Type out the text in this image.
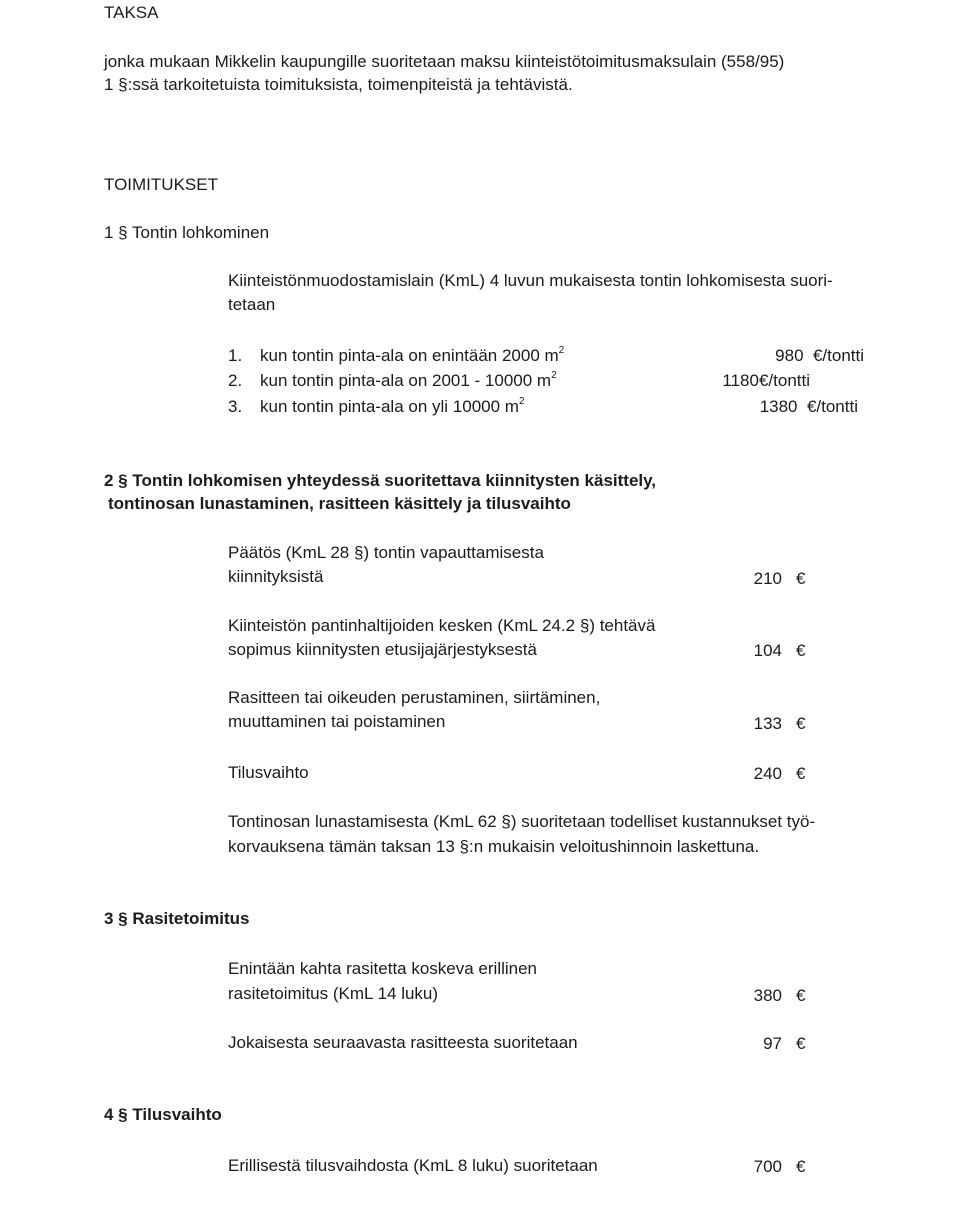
TAKSA
jonka mukaan Mikkelin kaupungille suoritetaan maksu kiinteistötoimitusmaksulain (558/95)
1 §:ssä tarkoitetuista toimituksista, toimenpiteistä ja tehtävistä.
TOIMITUKSET
1 § Tontin lohkominen
Kiinteistönmuodostamislain (KmL) 4 luvun mukaisesta tontin lohkomisesta suori-
tetaan
1. kun tontin pinta-ala on enintään 2000 $m^2$	980  €/tontti
2. kun tontin pinta-ala on 2001 - 10000 $m^2$	1180€/tontti
3. kun tontin pinta-ala on yli 10000 $m^2$	1380  €/tontti
2 § Tontin lohkomisen yhteydessä suoritettava kiinnitysten käsittely,
tontinosan lunastaminen, rasitteen käsittely ja tilusvaihto
Päätös (KmL 28 §) tontin vapauttamisesta
kiinnityksistä	210 €
Kiinteistön pantinhaltijoiden kesken (KmL 24.2 §) tehtävä
sopimus kiinnitysten etusijajärjestyksestä	104 €
Rasitteen tai oikeuden perustaminen, siirtäminen,
muuttaminen tai poistaminen	133 €
Tilusvaihto	240 €
Tontinosan lunastamisesta (KmL 62 §) suoritetaan todelliset kustannukset työ-
korvauksena tämän taksan 13 §:n mukaisin veloitushinnoin laskettuna.
3 § Rasitetoimitus
Enintään kahta rasitetta koskeva erillinen
rasitetoimitus (KmL 14 luku)	380 €
Jokaisesta seuraavasta rasitteesta suoritetaan	97 €
4 § Tilusvaihto
Erillisestä tilusvaihdosta (KmL 8 luku) suoritetaan	700 €
